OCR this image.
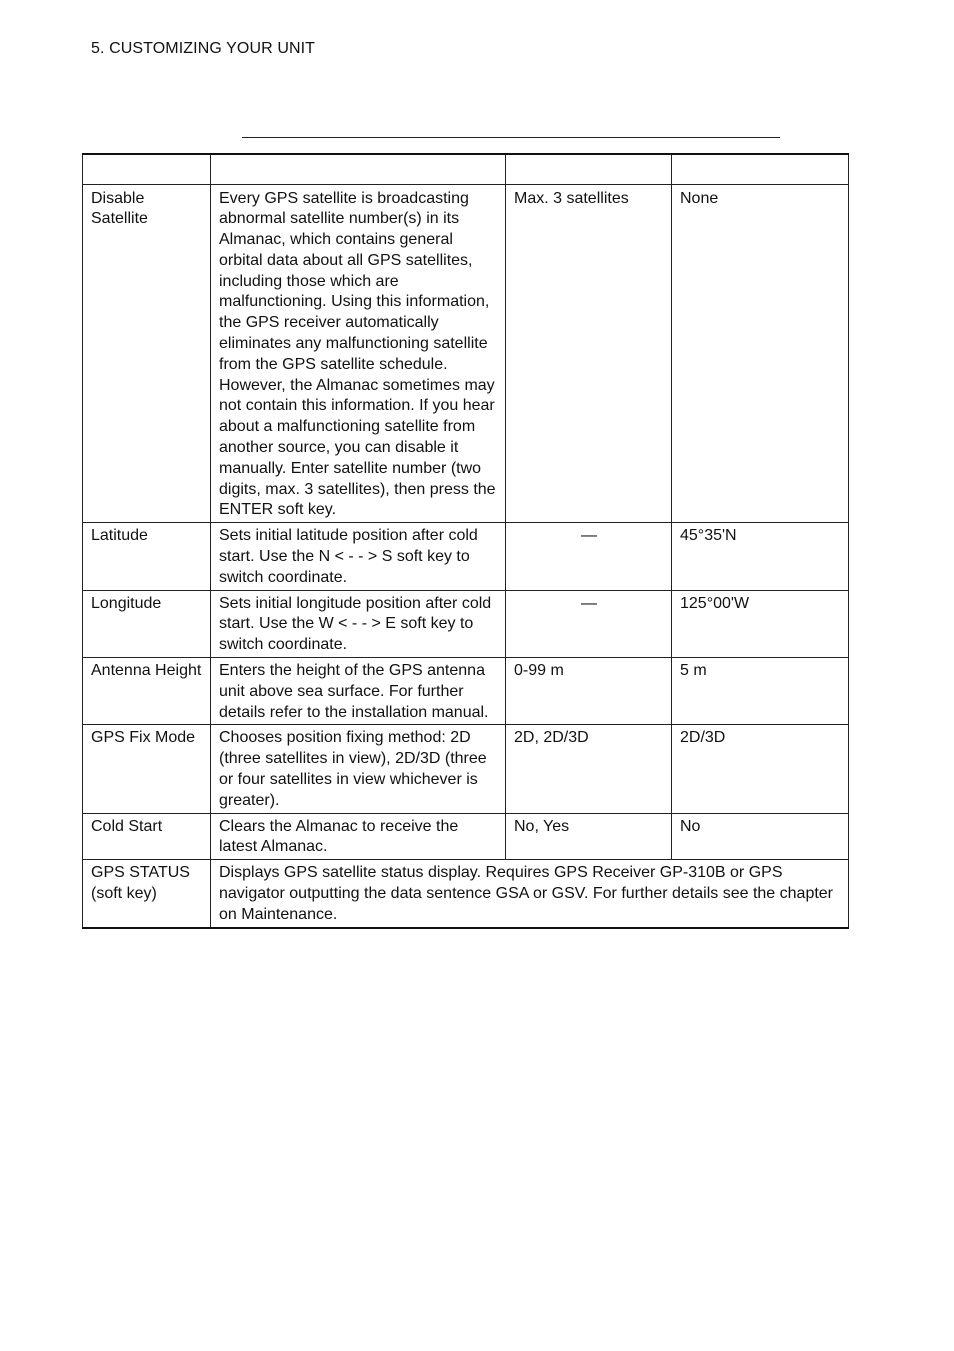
5. CUSTOMIZING YOUR UNIT

Disable Satellite	Every GPS satellite is broadcasting abnormal satellite number(s) in its Almanac, which contains general orbital data about all GPS satellites, including those which are malfunctioning. Using this information, the GPS receiver automatically eliminates any malfunctioning satellite from the GPS satellite schedule. However, the Almanac sometimes may not contain this information. If you hear about a malfunctioning satellite from another source, you can disable it manually. Enter satellite number (two digits, max. 3 satellites), then press the ENTER soft key.	Max. 3 satellites	None
Latitude	Sets initial latitude position after cold start. Use the N < - - > S soft key to switch coordinate.	—	45°35'N
Longitude	Sets initial longitude position after cold start. Use the W < - - > E soft key to switch coordinate.	—	125°00'W
Antenna Height	Enters the height of the GPS antenna unit above sea surface. For further details refer to the installation manual.	0-99 m	5 m
GPS Fix Mode	Chooses position fixing method: 2D (three satellites in view), 2D/3D (three or four satellites in view whichever is greater).	2D, 2D/3D	2D/3D
Cold Start	Clears the Almanac to receive the latest Almanac.	No, Yes	No
GPS STATUS (soft key)	Displays GPS satellite status display. Requires GPS Receiver GP-310B or GPS navigator outputting the data sentence GSA or GSV. For further details see the chapter on Maintenance.		
